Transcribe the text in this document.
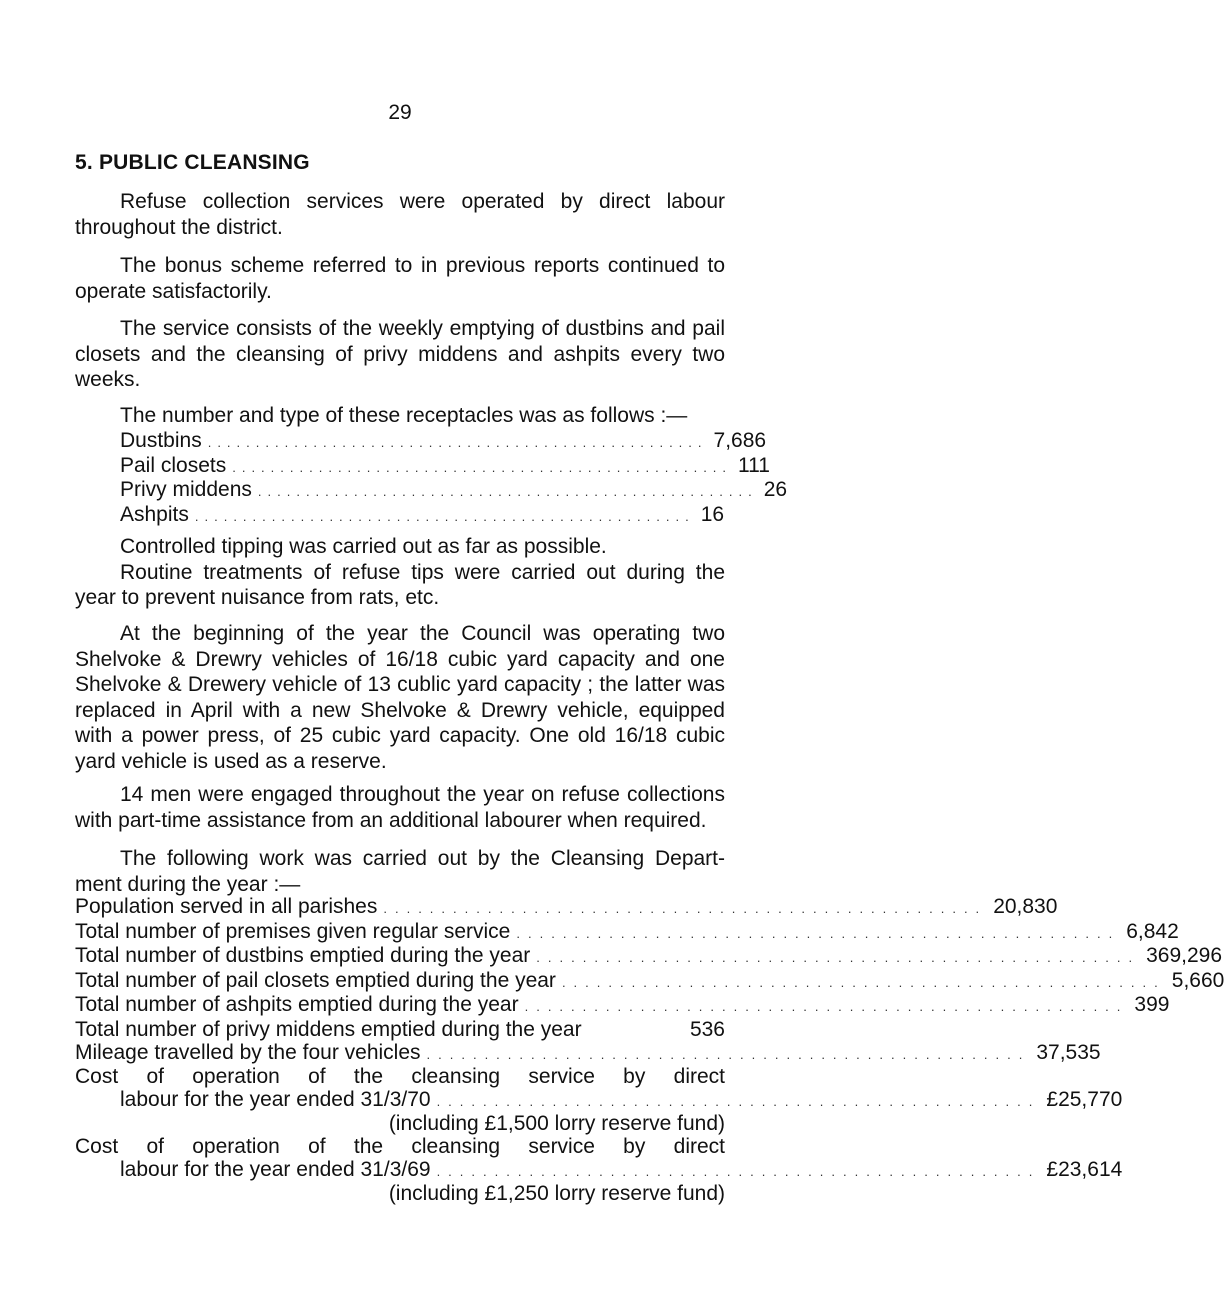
29
5. PUBLIC CLEANSING
Refuse collection services were operated by direct labour throughout the district.
The bonus scheme referred to in previous reports continued to operate satisfactorily.
The service consists of the weekly emptying of dustbins and pail closets and the cleansing of privy middens and ashpits every two weeks.
The number and type of these receptacles was as follows :—
Dustbins .................................................... 7,686
Pail closets .................................................... 111
Privy middens .................................................... 26
Ashpits .................................................... 16
Controlled tipping was carried out as far as possible.
Routine treatments of refuse tips were carried out during the year to prevent nuisance from rats, etc.
At the beginning of the year the Council was operating two Shelvoke & Drewry vehicles of 16/18 cubic yard capacity and one Shelvoke & Drewery vehicle of 13 cublic yard capacity ; the latter was replaced in April with a new Shelvoke & Drewry vehicle, equipped with a power press, of 25 cubic yard capacity. One old 16/18 cubic yard vehicle is used as a reserve.
14 men were engaged throughout the year on refuse collections with part-time assistance from an additional labourer when required.
The following work was carried out by the Cleansing Depart-ment during the year :—
Population served in all parishes .................................................... 20,830
Total number of premises given regular service .................................................... 6,842
Total number of dustbins emptied during the year .................................................... 369,296
Total number of pail closets emptied during the year .................................................... 5,660
Total number of ashpits emptied during the year .................................................... 399
Total number of privy middens emptied during the year	536
Mileage travelled by the four vehicles .................................................... 37,535
Cost of operation of the cleansing service by direct
labour for the year ended 31/3/70 .................................................... £25,770
(including £1,500 lorry reserve fund)
Cost of operation of the cleansing service by direct
labour for the year ended 31/3/69 .................................................... £23,614
(including £1,250 lorry reserve fund)
